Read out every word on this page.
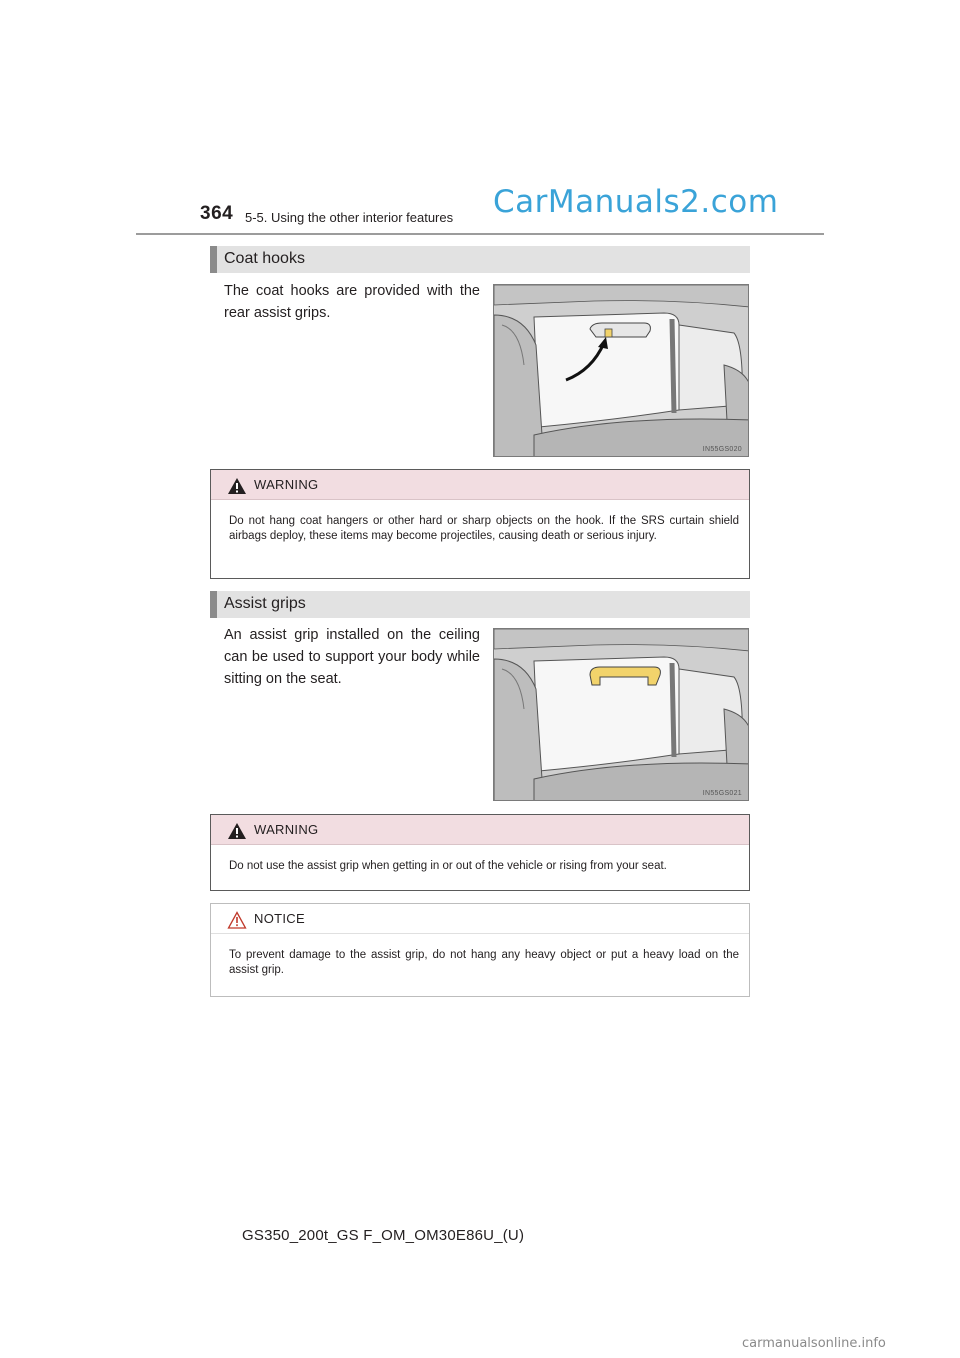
364 5-5. Using the other interior features CarManuals2.com
Coat hooks
The coat hooks are provided with the rear assist grips.
IN55GS020
WARNING
Do not hang coat hangers or other hard or sharp objects on the hook. If the SRS curtain shield airbags deploy, these items may become projectiles, causing death or serious injury.
Assist grips
An assist grip installed on the ceiling can be used to support your body while sitting on the seat.
IN55GS021
WARNING
Do not use the assist grip when getting in or out of the vehicle or rising from your seat.
NOTICE
To prevent damage to the assist grip, do not hang any heavy object or put a heavy load on the assist grip.
GS350_200t_GS F_OM_OM30E86U_(U)
carmanualsonline.info
